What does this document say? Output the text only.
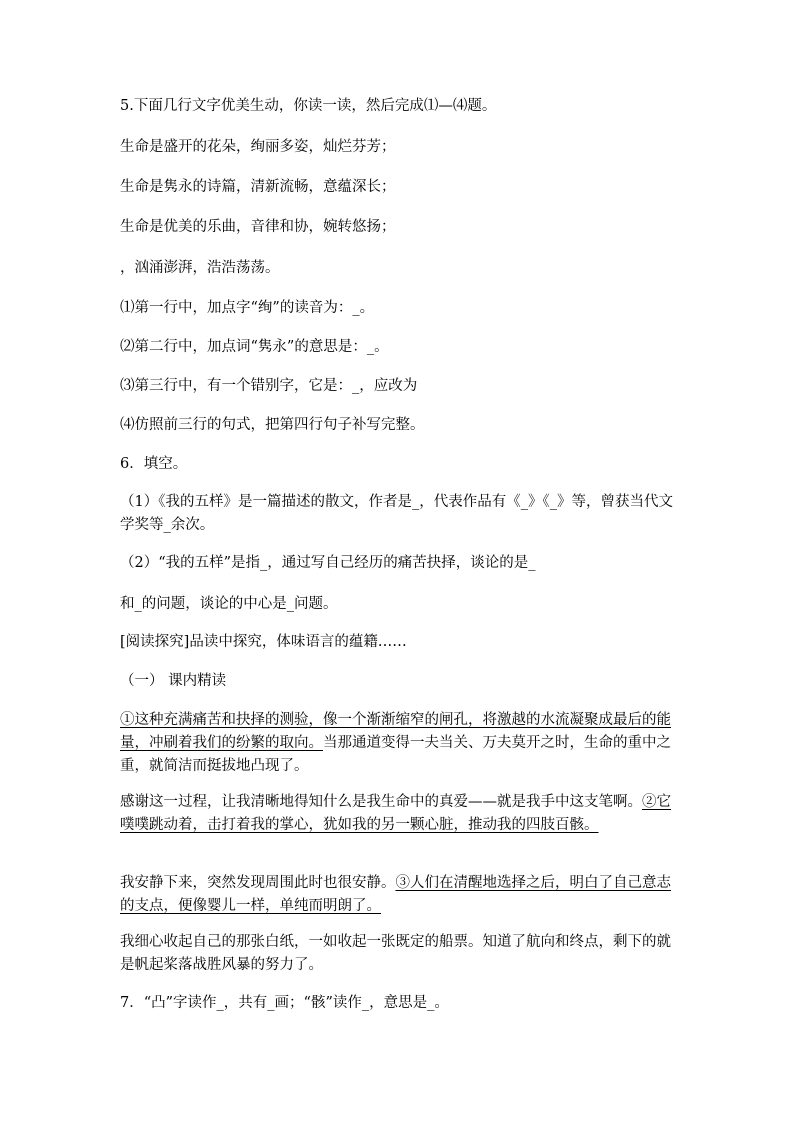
5.下面几行文字优美生动，你读一读，然后完成⑴—⑷题。
生命是盛开的花朵，绚丽多姿，灿烂芬芳；
生命是隽永的诗篇，清新流畅，意蕴深长；
生命是优美的乐曲，音律和协，婉转悠扬；
，汹涌澎湃，浩浩荡荡。
⑴第一行中，加点字“绚”的读音为：_。
⑵第二行中，加点词“隽永”的意思是：_。
⑶第三行中，有一个错别字，它是：_，应改为
⑷仿照前三行的句式，把第四行句子补写完整。
6．填空。
（1）《我的五样》是一篇描述的散文，作者是_，代表作品有《_》《_》等，曾获当代文学奖等_余次。
（2）“我的五样”是指_，通过写自己经历的痛苦抉择，谈论的是_
和_的问题，谈论的中心是_问题。
[阅读探究]品读中探究，体味语言的蕴籍……
（一） 课内精读
①这种充满痛苦和抉择的测验，像一个渐渐缩窄的闸孔，将激越的水流凝聚成最后的能量，冲刷着我们的纷繁的取向。当那通道变得一夫当关、万夫莫开之时，生命的重中之重，就简洁而挺拔地凸现了。
感谢这一过程，让我清晰地得知什么是我生命中的真爱——就是我手中这支笔啊。②它噗噗跳动着，击打着我的掌心，犹如我的另一颗心脏，推动我的四肢百骸。
我安静下来，突然发现周围此时也很安静。③人们在清醒地选择之后，明白了自己意志的支点，便像婴儿一样，单纯而明朗了。
我细心收起自己的那张白纸，一如收起一张既定的船票。知道了航向和终点，剩下的就是帆起桨落战胜风暴的努力了。
7．“凸”字读作_，共有_画；“骸”读作_，意思是_。
